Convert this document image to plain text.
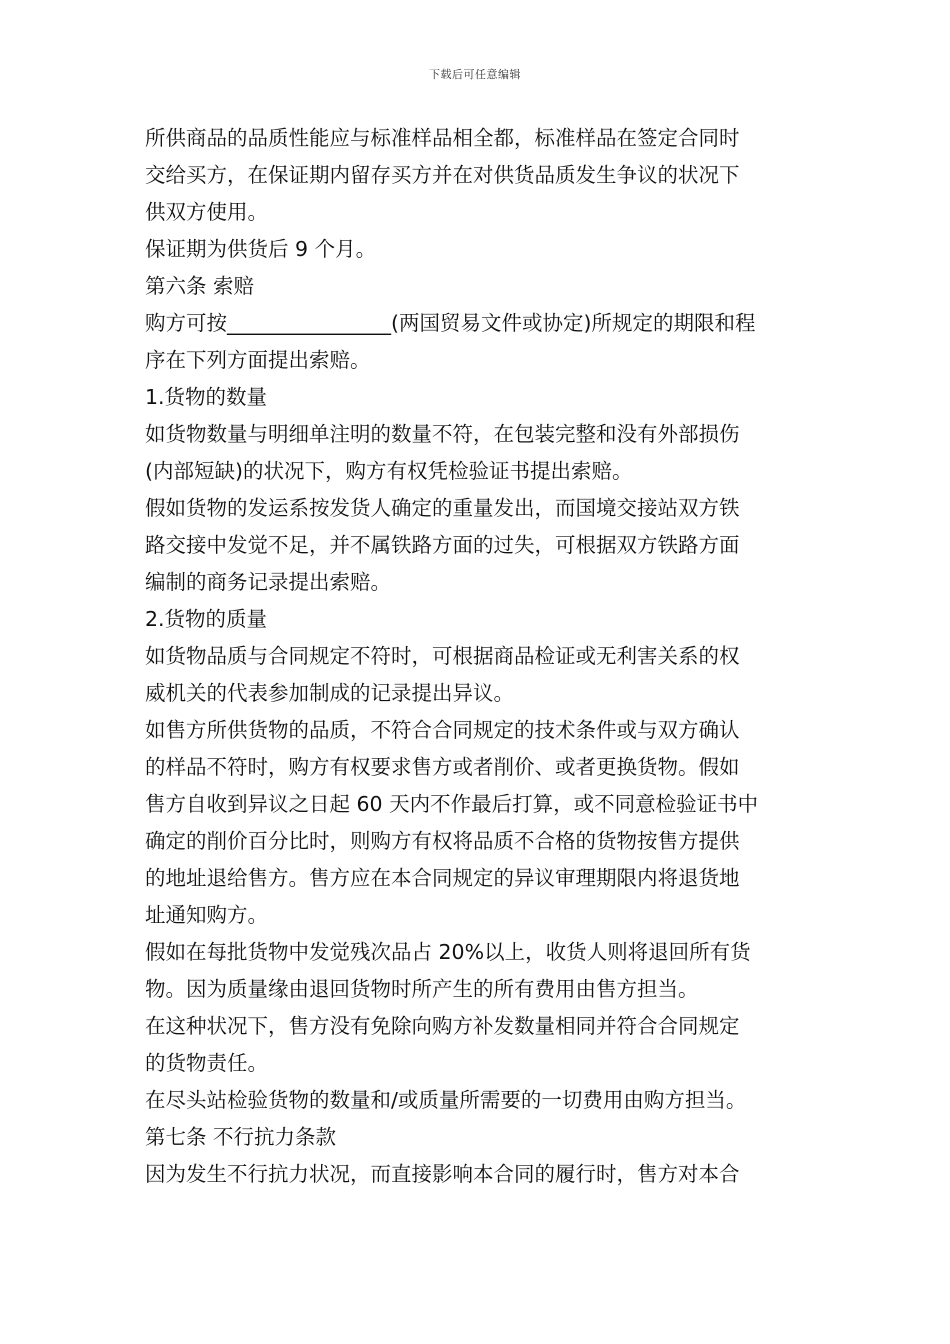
下载后可任意编辑
所供商品的品质性能应与标准样品相全都，标准样品在签定合同时
交给买方，在保证期内留存买方并在对供货品质发生争议的状况下
供双方使用。
保证期为供货后 9 个月。
第六条 索赔
购方可按________________(两国贸易文件或协定)所规定的期限和程
序在下列方面提出索赔。
1.货物的数量
如货物数量与明细单注明的数量不符，在包装完整和没有外部损伤
(内部短缺)的状况下，购方有权凭检验证书提出索赔。
假如货物的发运系按发货人确定的重量发出，而国境交接站双方铁
路交接中发觉不足，并不属铁路方面的过失，可根据双方铁路方面
编制的商务记录提出索赔。
2.货物的质量
如货物品质与合同规定不符时，可根据商品检证或无利害关系的权
威机关的代表参加制成的记录提出异议。
如售方所供货物的品质，不符合合同规定的技术条件或与双方确认
的样品不符时，购方有权要求售方或者削价、或者更换货物。假如
售方自收到异议之日起 60 天内不作最后打算，或不同意检验证书中
确定的削价百分比时，则购方有权将品质不合格的货物按售方提供
的地址退给售方。售方应在本合同规定的异议审理期限内将退货地
址通知购方。
假如在每批货物中发觉残次品占 20%以上，收货人则将退回所有货
物。因为质量缘由退回货物时所产生的所有费用由售方担当。
在这种状况下，售方没有免除向购方补发数量相同并符合合同规定
的货物责任。
在尽头站检验货物的数量和/或质量所需要的一切费用由购方担当。
第七条 不行抗力条款
因为发生不行抗力状况，而直接影响本合同的履行时，售方对本合
